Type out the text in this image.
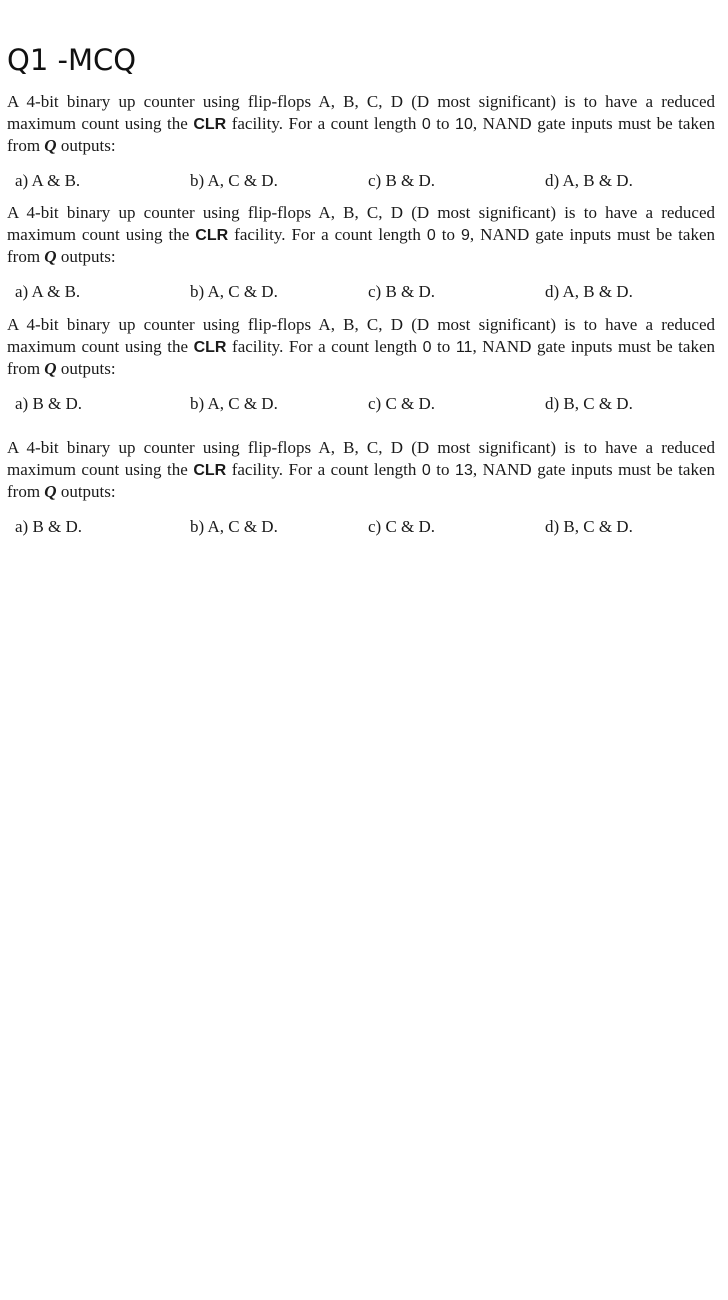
Q1 -MCQ

A 4-bit binary up counter using flip-flops A, B, C, D (D most significant) is to have a reduced maximum count using the CLR facility. For a count length 0 to 10, NAND gate inputs must be taken from Q outputs:

a) A & B.	b) A, C & D.	c) B & D.	d) A, B & D.

A 4-bit binary up counter using flip-flops A, B, C, D (D most significant) is to have a reduced maximum count using the CLR facility. For a count length 0 to 9, NAND gate inputs must be taken from Q outputs:

a) A & B.	b) A, C & D.	c) B & D.	d) A, B & D.

A 4-bit binary up counter using flip-flops A, B, C, D (D most significant) is to have a reduced maximum count using the CLR facility. For a count length 0 to 11, NAND gate inputs must be taken from Q outputs:

a) B & D.	b) A, C & D.	c) C & D.	d) B, C & D.

A 4-bit binary up counter using flip-flops A, B, C, D (D most significant) is to have a reduced maximum count using the CLR facility. For a count length 0 to 13, NAND gate inputs must be taken from Q outputs:

a) B & D.	b) A, C & D.	c) C & D.	d) B, C & D.
